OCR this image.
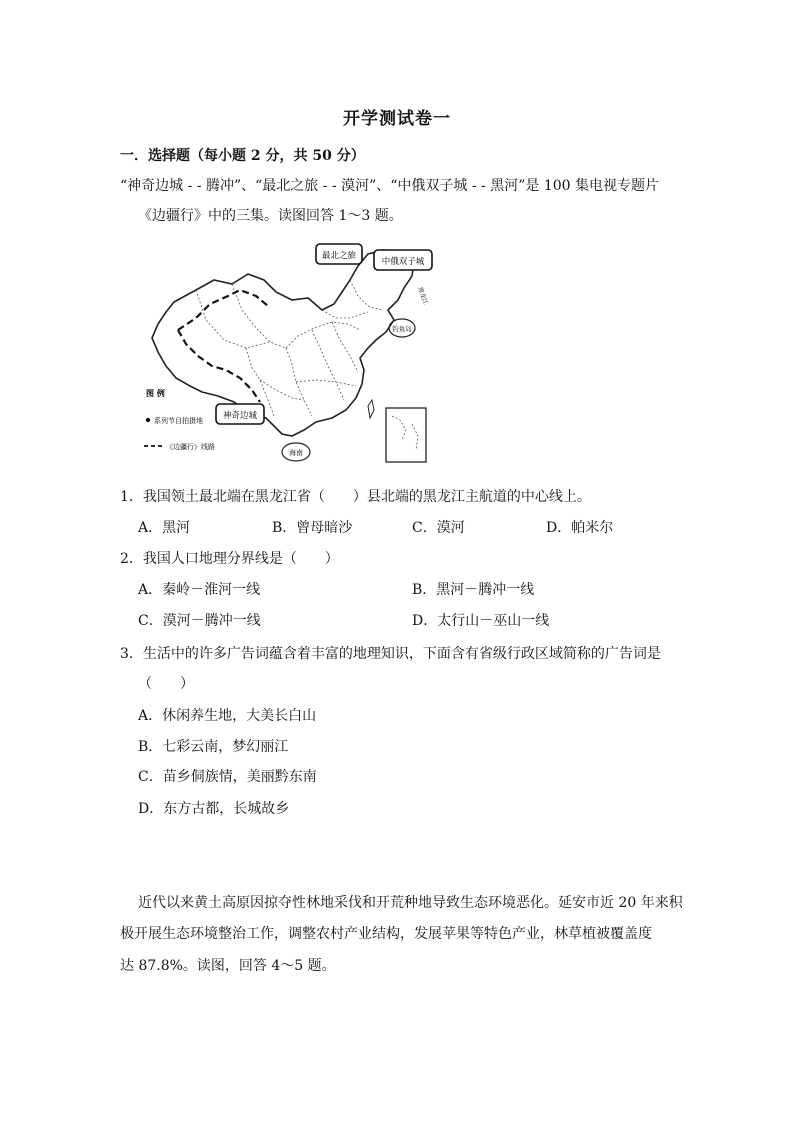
开学测试卷一
一．选择题（每小题 2 分，共 50 分）
“神奇边城 - - 腾冲”、“最北之旅 - - 漠河”、“中俄双子城 - - 黑河”是 100 集电视专题片
《边疆行》中的三集。读图回答 1～3 题。
海南
钓鱼岛
最北之旅
中俄双子城
黑龙江
神奇边城
图 例
系列节目拍摄地
《边疆行》线路
1．我国领土最北端在黑龙江省（　　）县北端的黑龙江主航道的中心线上。
A．黑河	B．曾母暗沙	C．漠河	D．帕米尔
2．我国人口地理分界线是（　　）
A．秦岭－淮河一线	B．黑河－腾冲一线
C．漠河－腾冲一线	D．太行山－巫山一线
3．生活中的许多广告词蕴含着丰富的地理知识，下面含有省级行政区域简称的广告词是
（　　）
A．休闲养生地，大美长白山
B．七彩云南，梦幻丽江
C．苗乡侗族情，美丽黔东南
D．东方古都，长城故乡
近代以来黄土高原因掠夺性林地采伐和开荒种地导致生态环境恶化。延安市近 20 年来积
极开展生态环境整治工作，调整农村产业结构，发展苹果等特色产业，林草植被覆盖度
达 87.8%。读图，回答 4～5 题。
